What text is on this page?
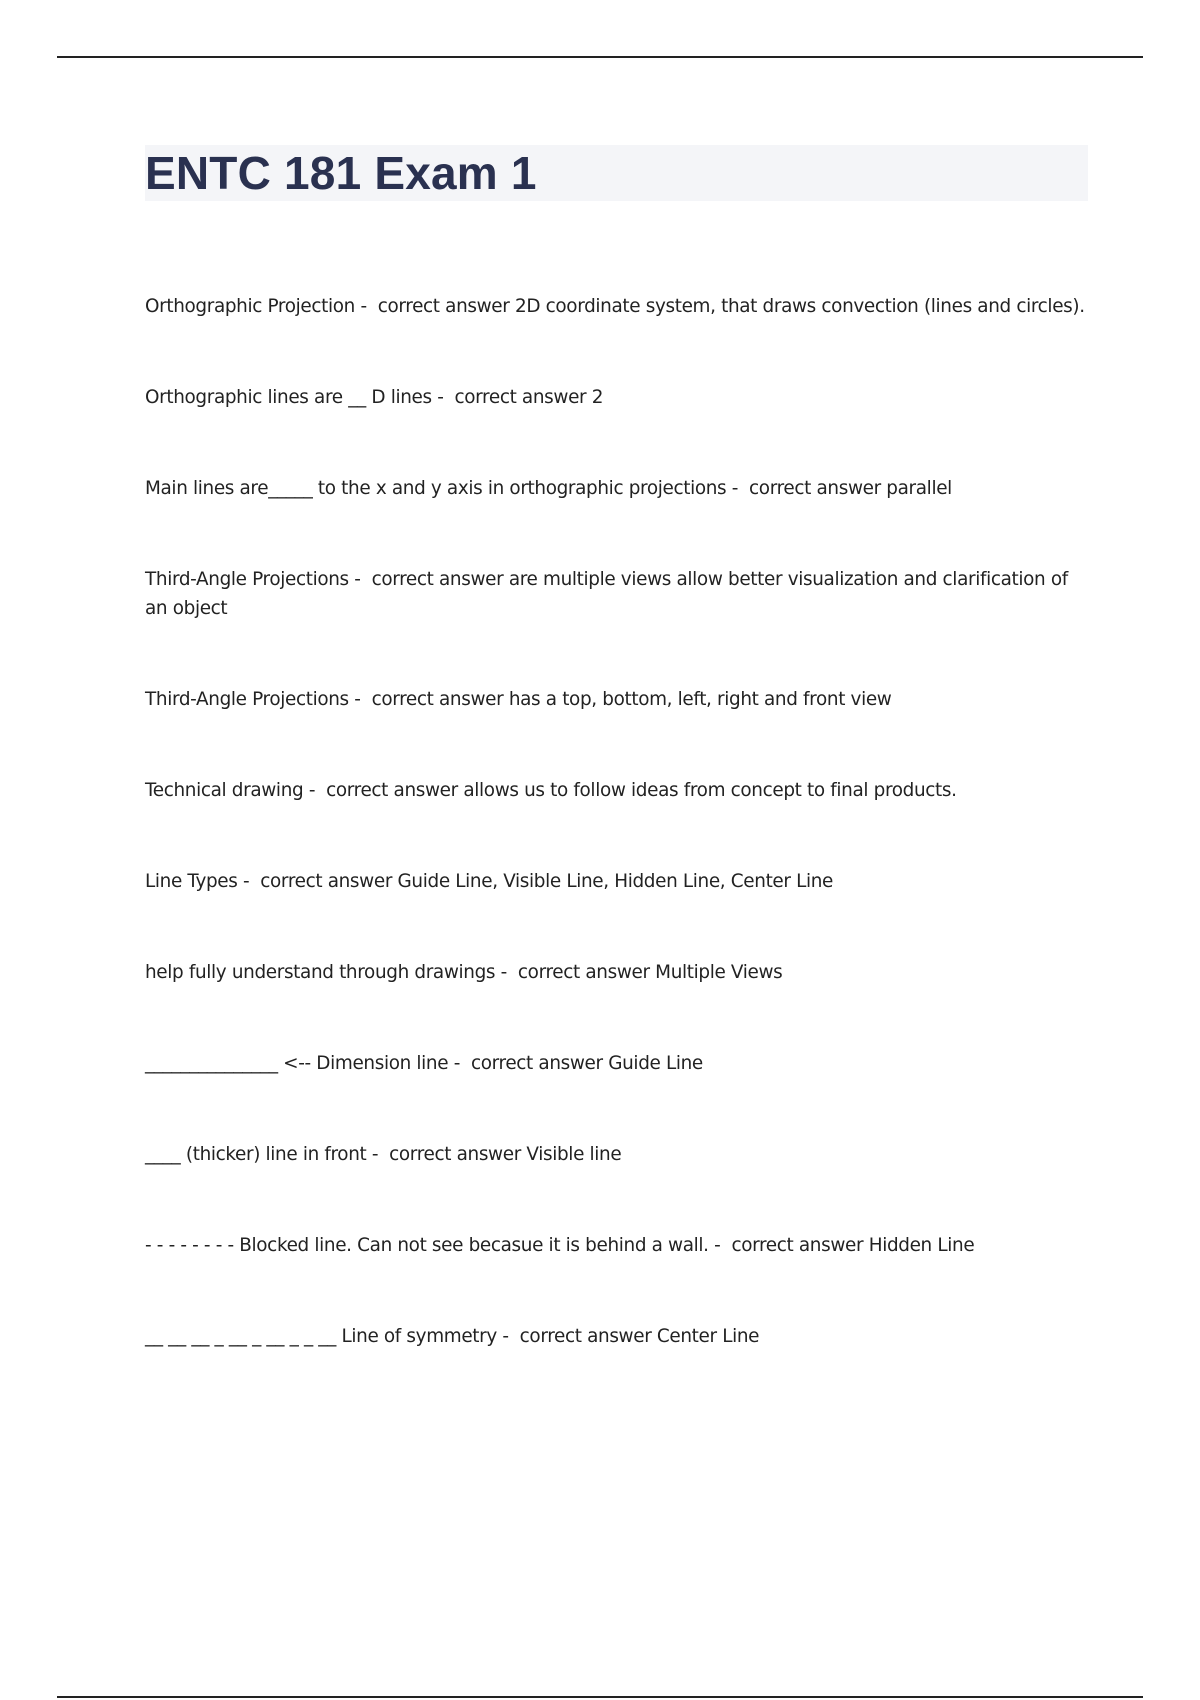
ENTC 181 Exam 1
Orthographic Projection -  correct answer 2D coordinate system, that draws convection (lines and circles).
Orthographic lines are __ D lines -  correct answer 2
Main lines are_____ to the x and y axis in orthographic projections -  correct answer parallel
Third-Angle Projections -  correct answer are multiple views allow better visualization and clarification of an object
Third-Angle Projections -  correct answer has a top, bottom, left, right and front view
Technical drawing -  correct answer allows us to follow ideas from concept to final products.
Line Types -  correct answer Guide Line, Visible Line, Hidden Line, Center Line
help fully understand through drawings -  correct answer Multiple Views
_______________ <-- Dimension line -  correct answer Guide Line
____ (thicker) line in front -  correct answer Visible line
- - - - - - - - Blocked line. Can not see becasue it is behind a wall. -  correct answer Hidden Line
__ __ __ _ __ _ __ _ _ __ Line of symmetry -  correct answer Center Line
